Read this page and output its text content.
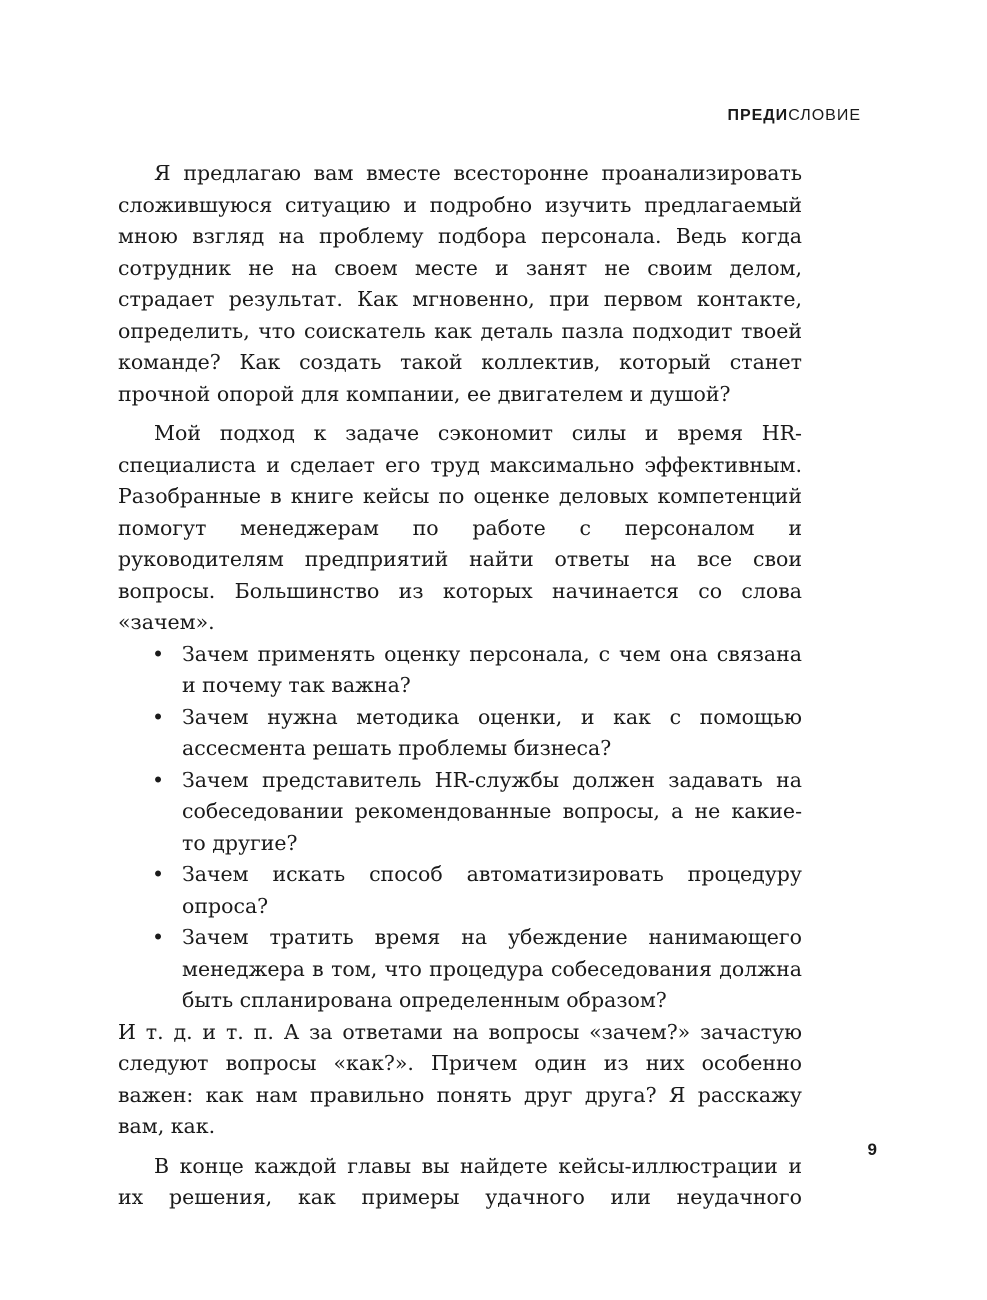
ПРЕДИСЛОВИЕ

Я предлагаю вам вместе всесторонне проанализировать сложившуюся ситуацию и подробно изучить предлагаемый мною взгляд на проблему подбора персонала. Ведь когда сотрудник не на своем месте и занят не своим делом, страдает результат. Как мгновенно, при первом контакте, определить, что соискатель как деталь пазла подходит твоей команде? Как создать такой коллектив, который станет прочной опорой для компании, ее двигателем и душой?

Мой подход к задаче сэкономит силы и время HR-специалиста и сделает его труд максимально эффективным. Разобранные в книге кейсы по оценке деловых компетенций помогут менеджерам по работе с персоналом и руководителям предприятий найти ответы на все свои вопросы. Большинство из которых начинается со слова «зачем».

• Зачем применять оценку персонала, с чем она связана и почему так важна?
• Зачем нужна методика оценки, и как с помощью ассесмента решать проблемы бизнеса?
• Зачем представитель HR-службы должен задавать на собеседовании рекомендованные вопросы, а не какие-то другие?
• Зачем искать способ автоматизировать процедуру опроса?
• Зачем тратить время на убеждение нанимающего менеджера в том, что процедура собеседования должна быть спланирована определенным образом?

И т. д. и т. п. А за ответами на вопросы «зачем?» зачастую следуют вопросы «как?». Причем один из них особенно важен: как нам правильно понять друг друга? Я расскажу вам, как.

В конце каждой главы вы найдете кейсы-иллюстрации и их решения, как примеры удачного или неудачного

9
